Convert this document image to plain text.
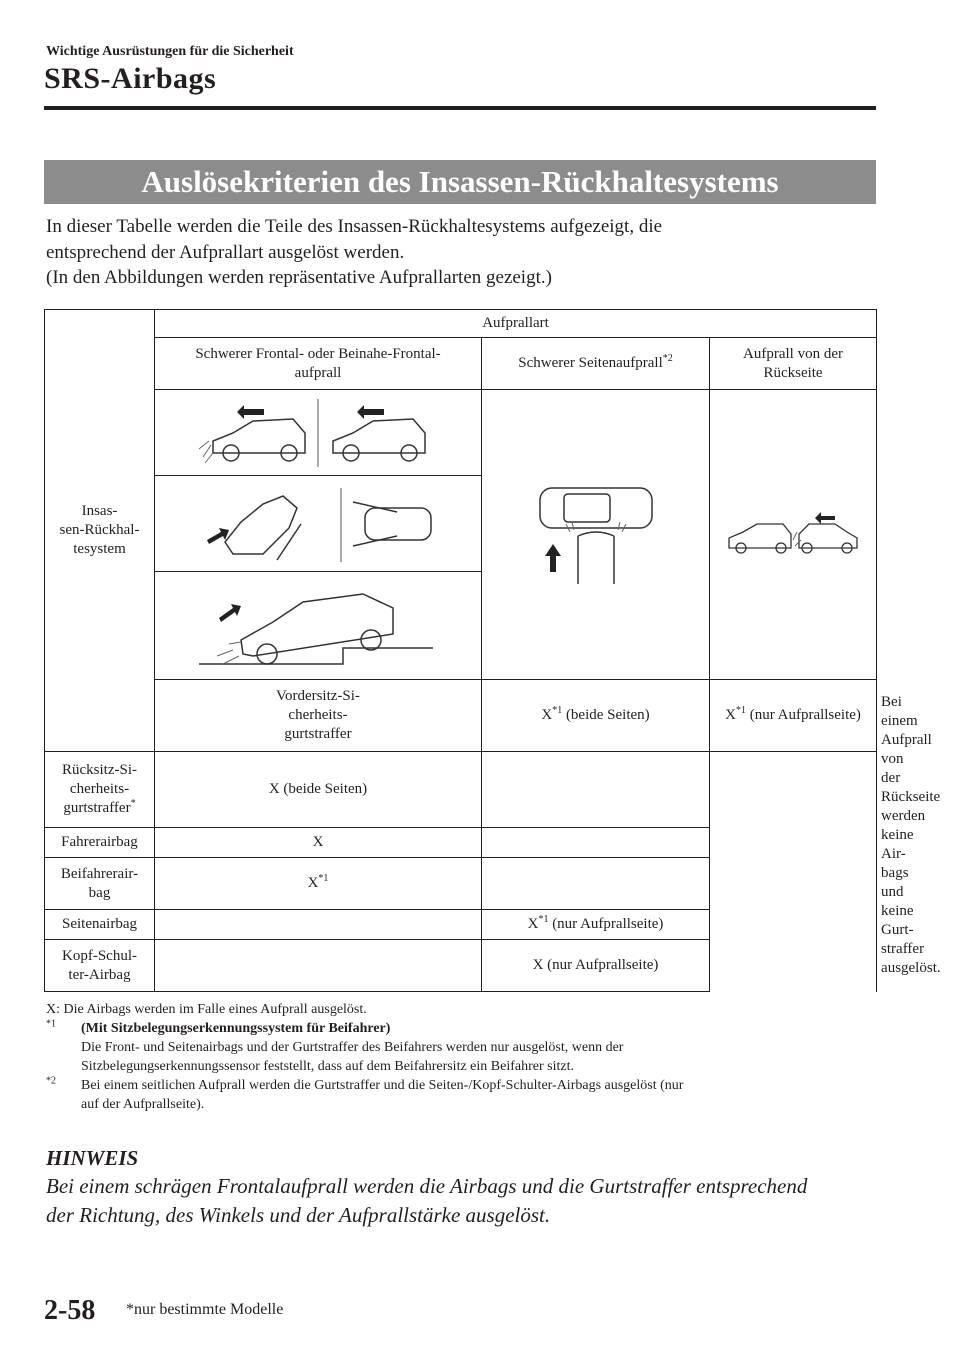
Wichtige Ausrüstungen für die Sicherheit
SRS-Airbags
Auslösekriterien des Insassen-Rückhaltesystems

In dieser Tabelle werden die Teile des Insassen-Rückhaltesystems aufgezeigt, die

entsprechend der Aufprallart ausgelöst werden.

(In den Abbildungen werden repräsentative Aufprallarten gezeigt.)

Insas-
sen-Rückhal-
tesystem	Aufprallart			
	Schwerer Frontal- oder Beinahe-Frontal-
aufprall	Schwerer Seitenaufprall$^{*2}$	Aufprall von der
Rückseite	

	Vordersitz-Si-
cherheits-
gurtstraffer	$X^{*1}$ (beide Seiten)	$X^{*1}$ (nur Aufprallseite)	Bei einem Aufprall
von der Rückseite
werden keine Air-
bags und keine Gurt-
straffer ausgelöst.
Rücksitz-Si-
cherheits-
gurtstraffer*	X (beide Seiten)			
Fahrerairbag	X			
Beifahrerair-
bag	$X^{*1}$	
Seitenairbag		$X^{*1}$ (nur Aufprallseite)		
Kopf-Schul-
ter-Airbag		X (nur Aufprallseite)		
X: Die Airbags werden im Falle eines Aufprall ausgelöst.
$^{*1}$	(Mit Sitzbelegungserkennungssystem für Beifahrer)
Die Front- und Seitenairbags und der Gurtstraffer des Beifahrers werden nur ausgelöst, wenn der
Sitzbelegungserkennungssensor feststellt, dass auf dem Beifahrersitz ein Beifahrer sitzt.
$^{*2}$	Bei einem seitlichen Aufprall werden die Gurtstraffer und die Seiten-/Kopf-Schulter-Airbags ausgelöst (nur
auf der Aufprallseite).
HINWEIS
Bei einem schrägen Frontalaufprall werden die Airbags und die Gurtstraffer entsprechend
der Richtung, des Winkels und der Aufprallstärke ausgelöst.
2-58 *nur bestimmte Modelle
